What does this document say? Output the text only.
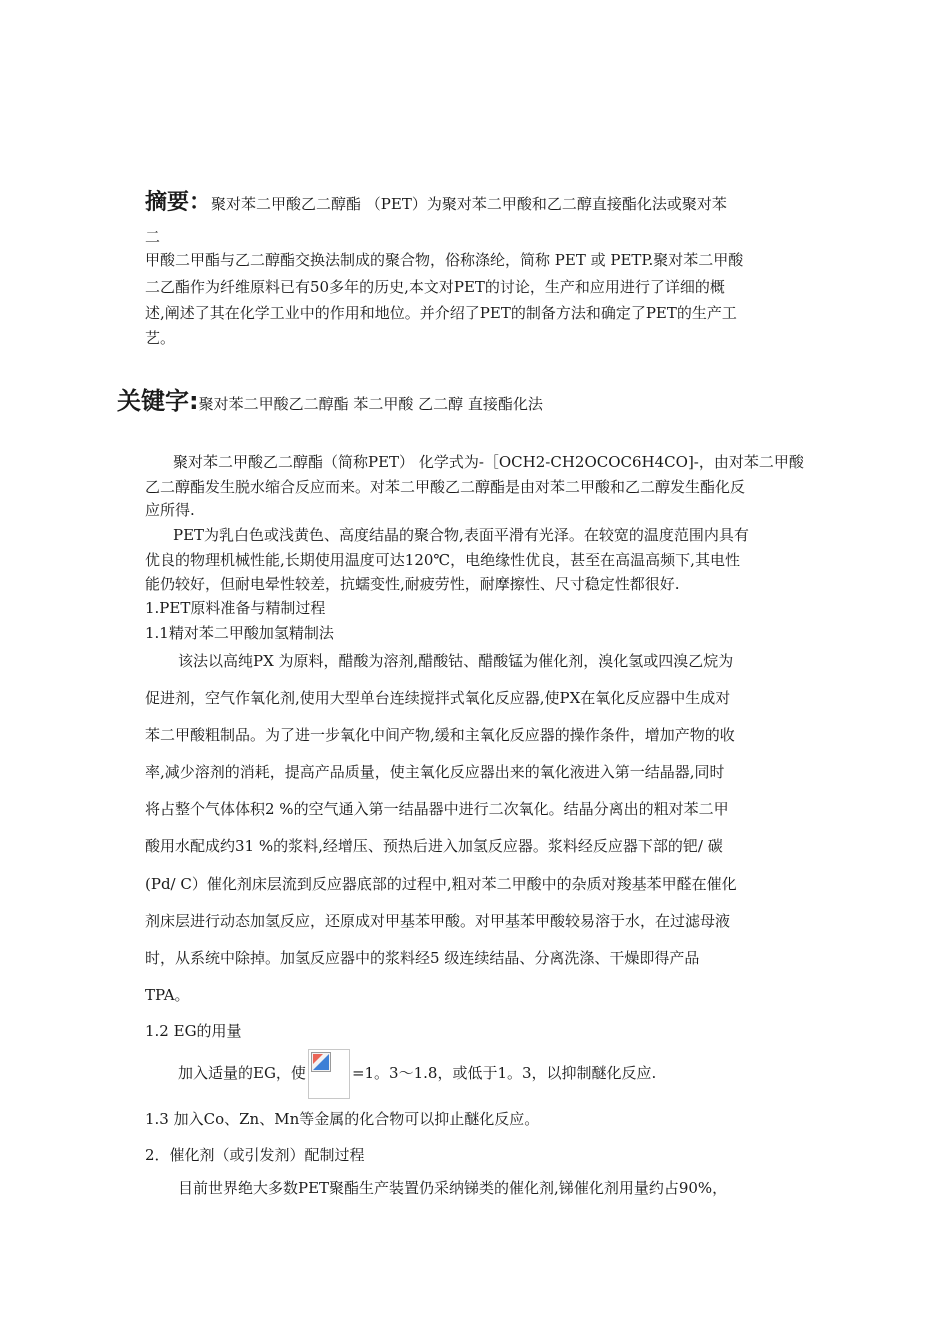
摘要：聚对苯二甲酸乙二醇酯 （PET）为聚对苯二甲酸和乙二醇直接酯化法或聚对苯
二
甲酸二甲酯与乙二醇酯交换法制成的聚合物，俗称涤纶，简称 PET 或 PETP.聚对苯二甲酸
二乙酯作为纤维原料已有50多年的历史,本文对PET的讨论，生产和应用进行了详细的概
述,阐述了其在化学工业中的作用和地位。并介绍了PET的制备方法和确定了PET的生产工
艺。
关键字:聚对苯二甲酸乙二醇酯 苯二甲酸 乙二醇 直接酯化法
聚对苯二甲酸乙二醇酯（简称PET） 化学式为-［OCH2-CH2OCOC6H4CO]-，由对苯二甲酸
乙二醇酯发生脱水缩合反应而来。对苯二甲酸乙二醇酯是由对苯二甲酸和乙二醇发生酯化反
应所得.
PET为乳白色或浅黄色、高度结晶的聚合物,表面平滑有光泽。在较宽的温度范围内具有
优良的物理机械性能,长期使用温度可达120℃，电绝缘性优良，甚至在高温高频下,其电性
能仍较好，但耐电晕性较差，抗蠕变性,耐疲劳性，耐摩擦性、尺寸稳定性都很好.
1.PET原料准备与精制过程
1.1精对苯二甲酸加氢精制法
该法以高纯PX 为原料，醋酸为溶剂,醋酸钴、醋酸锰为催化剂，溴化氢或四溴乙烷为
促进剂，空气作氧化剂,使用大型单台连续搅拌式氧化反应器,使PX在氧化反应器中生成对
苯二甲酸粗制品。为了进一步氧化中间产物,缓和主氧化反应器的操作条件，增加产物的收
率,减少溶剂的消耗，提高产品质量，使主氧化反应器出来的氧化液进入第一结晶器,同时
将占整个气体体积2 %的空气通入第一结晶器中进行二次氧化。结晶分离出的粗对苯二甲
酸用水配成约31 %的浆料,经增压、预热后进入加氢反应器。浆料经反应器下部的钯/ 碳
(Pd/ C）催化剂床层流到反应器底部的过程中,粗对苯二甲酸中的杂质对羧基苯甲醛在催化
剂床层进行动态加氢反应，还原成对甲基苯甲酸。对甲基苯甲酸较易溶于水，在过滤母液
时，从系统中除掉。加氢反应器中的浆料经5 级连续结晶、分离洗涤、干燥即得产品
TPA。
1.2 EG的用量
加入适量的EG，使	=1。3～1.8，或低于1。3，以抑制醚化反应.
1.3 加入Co、Zn、Mn等金属的化合物可以抑止醚化反应。
2．催化剂（或引发剂）配制过程
目前世界绝大多数PET聚酯生产装置仍采纳锑类的催化剂,锑催化剂用量约占90%，
